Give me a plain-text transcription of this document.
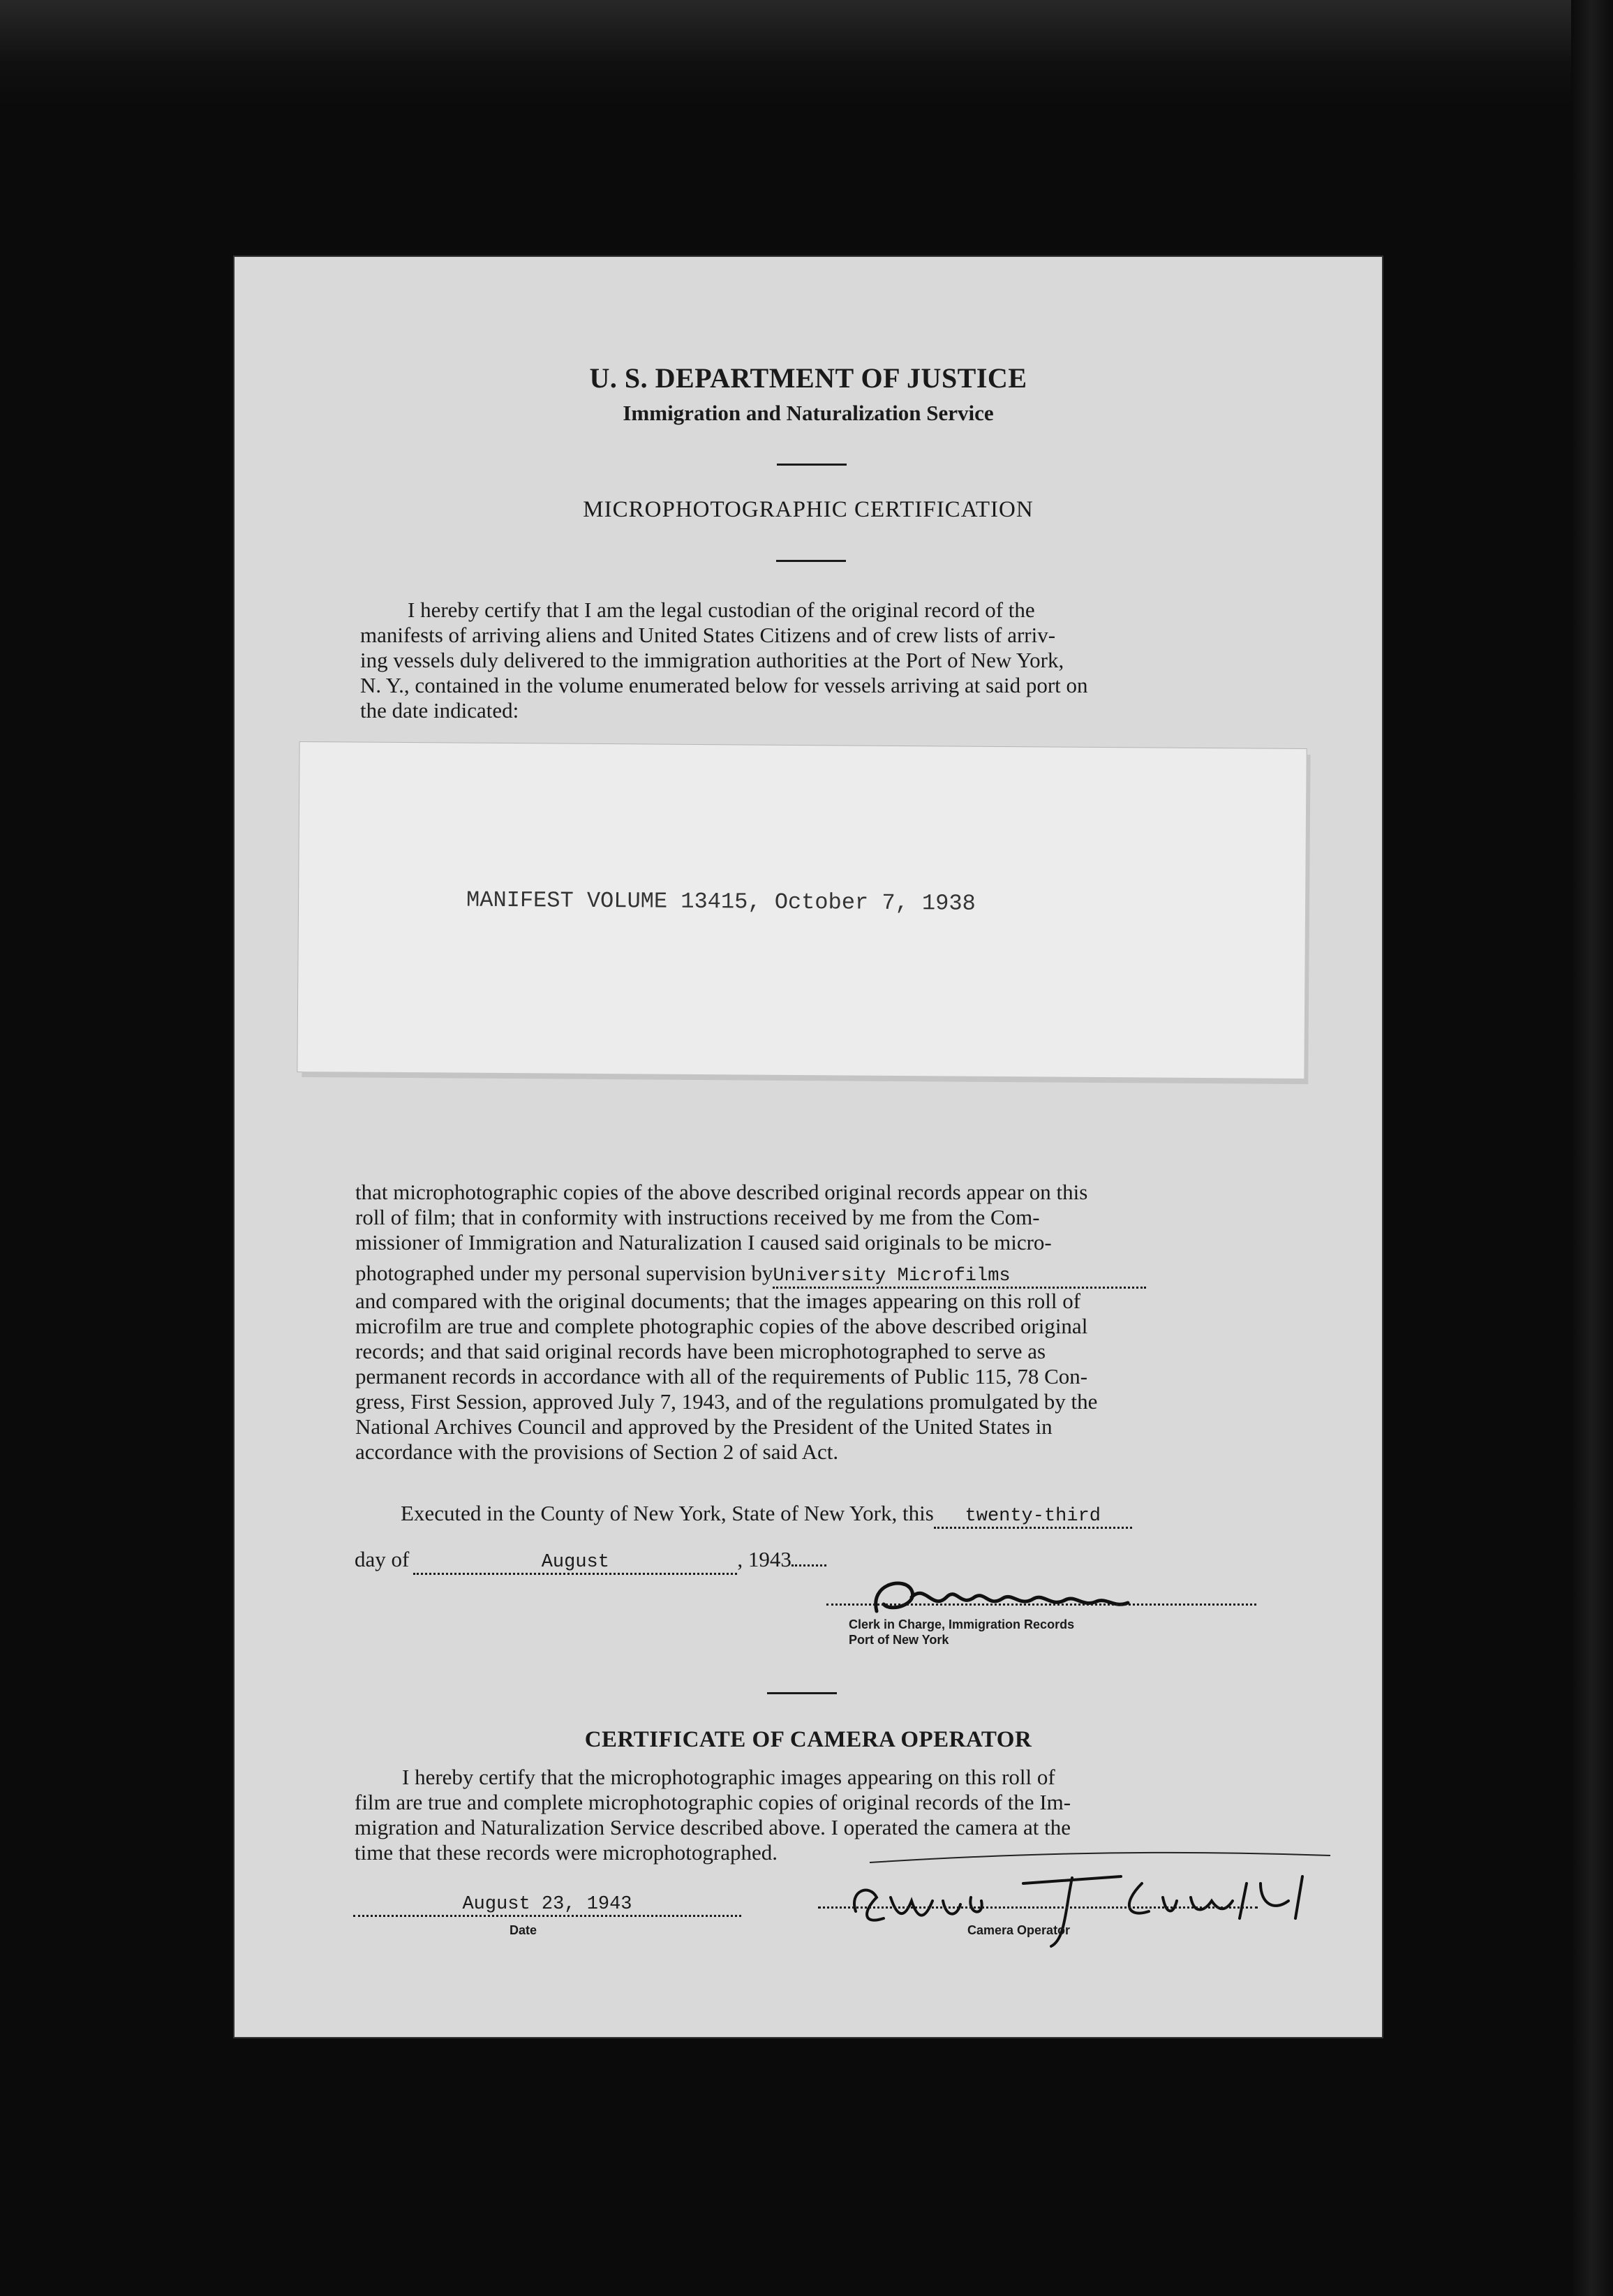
U. S. DEPARTMENT OF JUSTICE
Immigration and Naturalization Service
MICROPHOTOGRAPHIC CERTIFICATION
I hereby certify that I am the legal custodian of the original record of the
manifests of arriving aliens and United States Citizens and of crew lists of arriv-
ing vessels duly delivered to the immigration authorities at the Port of New York,
N. Y., contained in the volume enumerated below for vessels arriving at said port on
the date indicated:
MANIFEST VOLUME 13415, October 7, 1938
that microphotographic copies of the above described original records appear on this
roll of film; that in conformity with instructions received by me from the Com-
missioner of Immigration and Naturalization I caused said originals to be micro-
photographed under my personal supervision byUniversity Microfilms
and compared with the original documents; that the images appearing on this roll of
microfilm are true and complete photographic copies of the above described original
records; and that said original records have been microphotographed to serve as
permanent records in accordance with all of the requirements of Public 115, 78 Con-
gress, First Session, approved July 7, 1943, and of the regulations promulgated by the
National Archives Council and approved by the President of the United States in
accordance with the provisions of Section 2 of said Act.
Executed in the County of New York, State of New York, this twenty-third
day of	August	, 1943
Clerk in Charge, Immigration Records
Port of New York
CERTIFICATE OF CAMERA OPERATOR
I hereby certify that the microphotographic images appearing on this roll of
film are true and complete microphotographic copies of original records of the Im-
migration and Naturalization Service described above. I operated the camera at the
time that these records were microphotographed.
August 23, 1943
Date	Camera Operator
